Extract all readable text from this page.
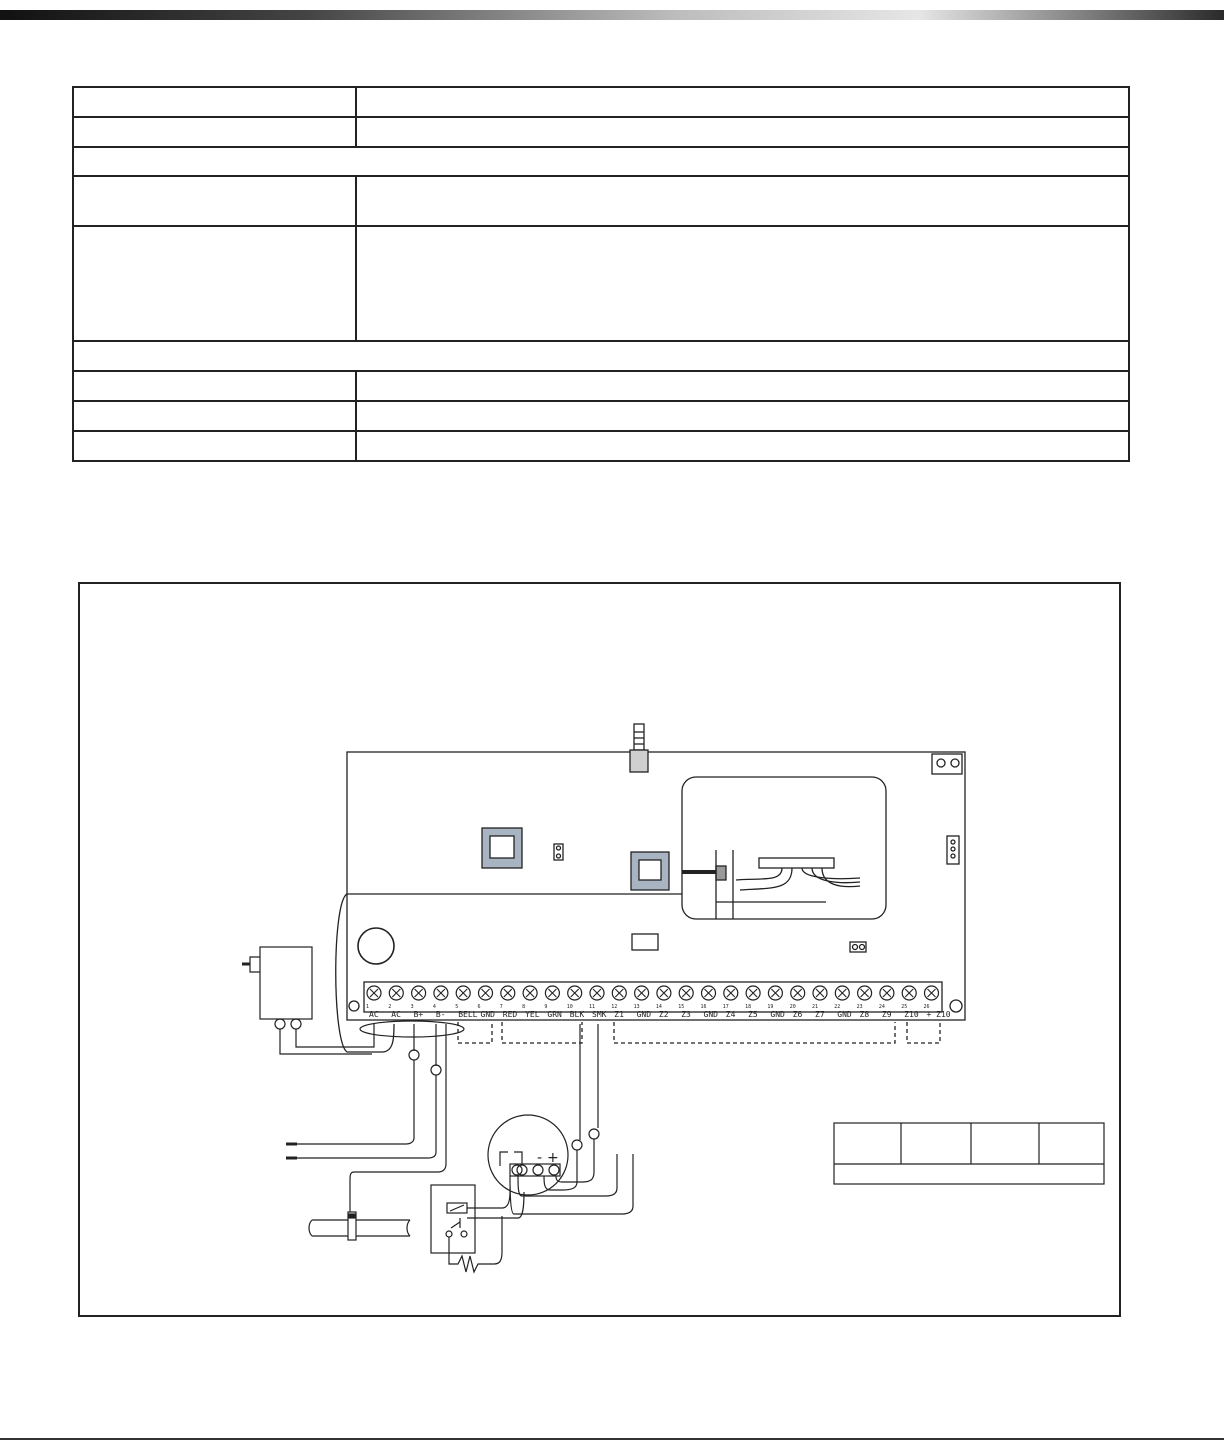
1
AC
2
AC
3
B+
4
B-
5
BELL
6
GND
7
RED
8
YEL
9
GRN
10
BLK
11
SMK
12
Z1
13
GND
14
Z2
15
Z3
16
GND
17
Z4
18
Z5
19
GND
20
Z6
21
Z7
22
GND
23
Z8
24
Z9
25
Z10
26
+ Z10
- +
